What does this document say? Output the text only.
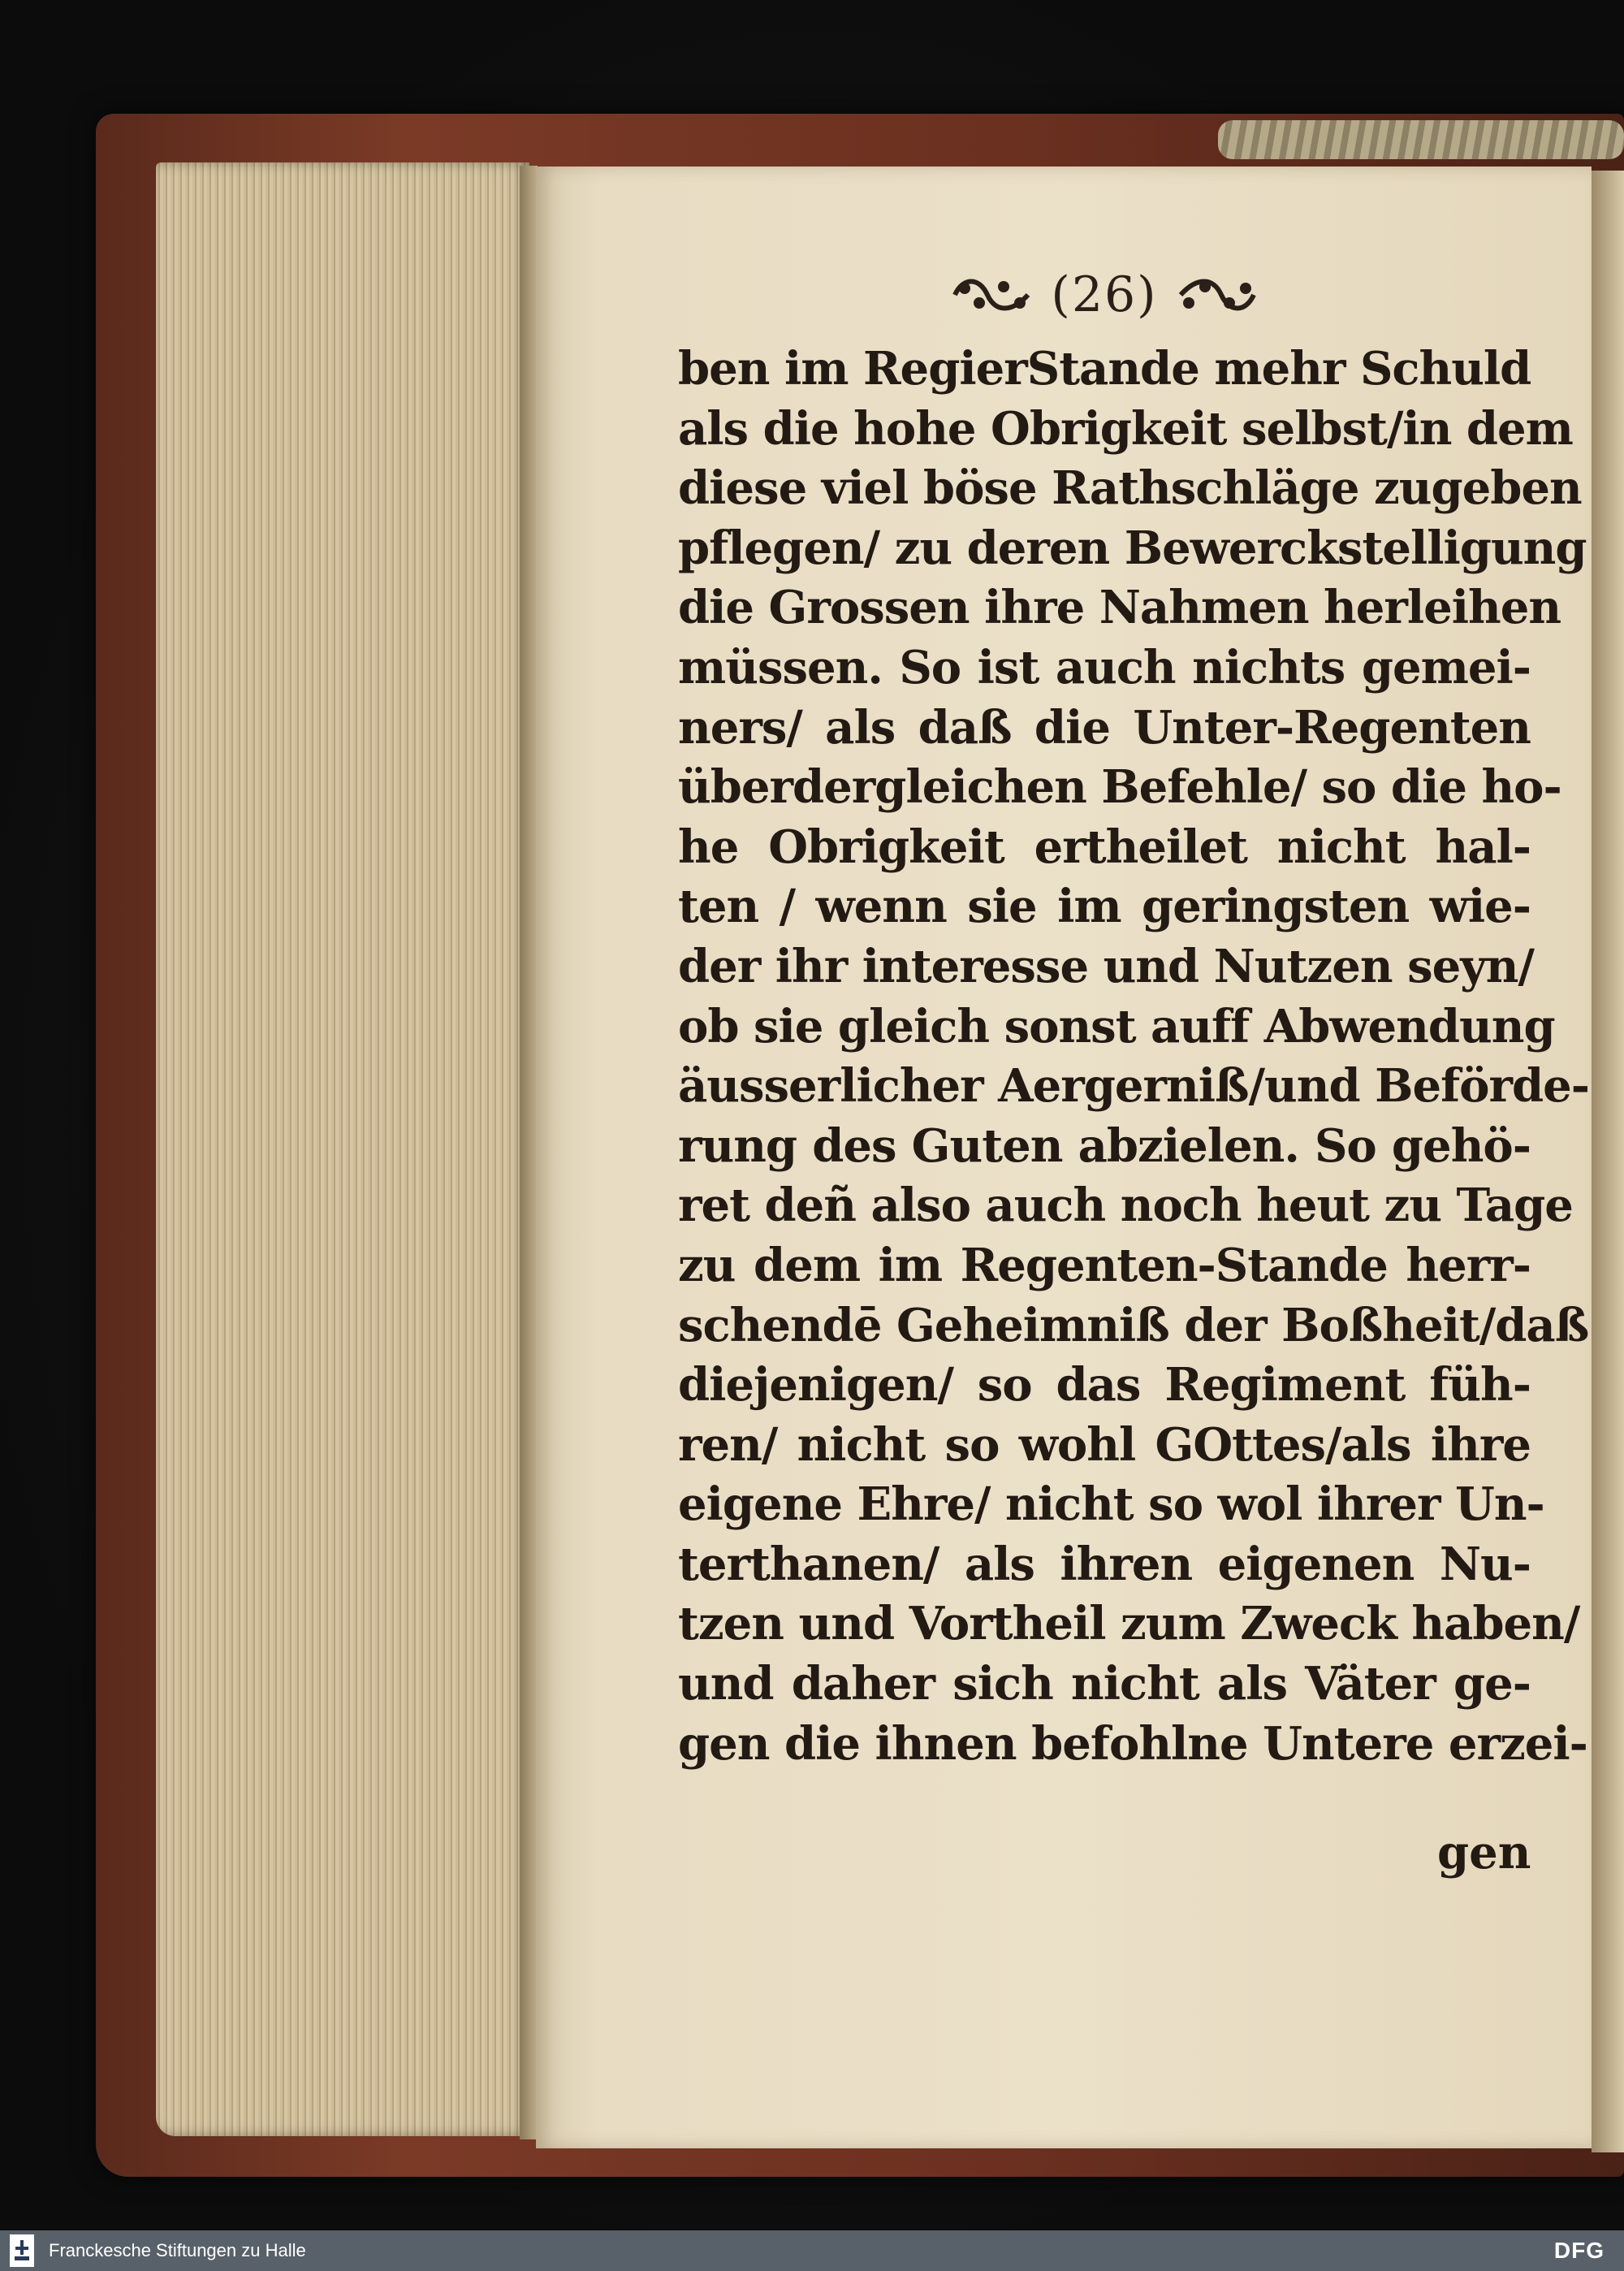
(26)
ben im RegierStande mehr Schuld
als die hohe Obrigkeit selbst/in dem
diese viel böse Rathschläge zugeben
pflegen/ zu deren Bewerckstelligung
die Grossen ihre Nahmen herleihen
müssen. So ist auch nichts gemei-
ners/ als daß die Unter-Regenten
überdergleichen Befehle/ so die ho-
he Obrigkeit ertheilet nicht hal-
ten / wenn sie im geringsten wie-
der ihr interesse und Nutzen seyn/
ob sie gleich sonst auff Abwendung
äusserlicher Aergerniß/und Beförde-
rung des Guten abzielen. So gehö-
ret deñ also auch noch heut zu Tage
zu dem im Regenten-Stande herr-
schendē Geheimniß der Boßheit/daß
diejenigen/ so das Regiment füh-
ren/ nicht so wohl GOttes/als ihre
eigene Ehre/ nicht so wol ihrer Un-
terthanen/ als ihren eigenen Nu-
tzen und Vortheil zum Zweck haben/
und daher sich nicht als Väter ge-
gen die ihnen befohlne Untere erzei-
gen
Franckesche Stiftungen zu Halle	DFG
